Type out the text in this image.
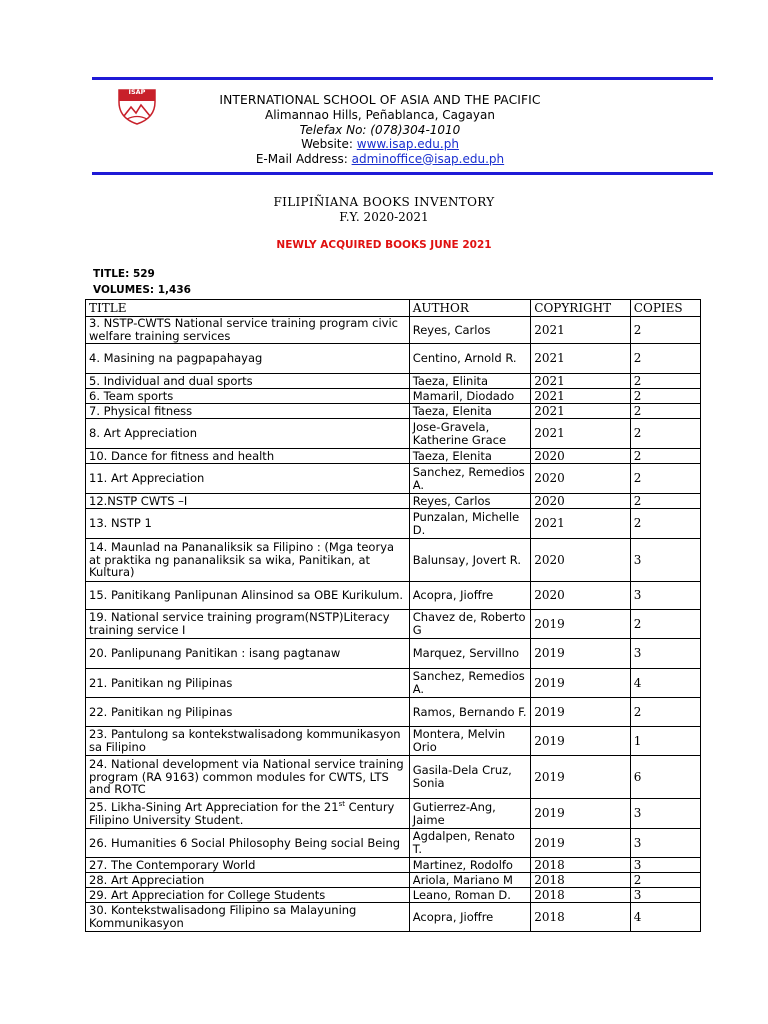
ISAP
INTERNATIONAL SCHOOL OF ASIA AND THE PACIFIC
Alimannao Hills, Peñablanca, Cagayan
Telefax No: (078)304-1010
Website: www.isap.edu.ph
E-Mail Address: adminoffice@isap.edu.ph
FILIPIÑIANA BOOKS INVENTORY
F.Y. 2020-2021
NEWLY ACQUIRED BOOKS JUNE 2021
TITLE: 529
VOLUMES: 1,436
TITLE	AUTHOR	COPYRIGHT	COPIES
3. NSTP-CWTS National service training program civic welfare training services	Reyes, Carlos	2021	2
4. Masining na pagpapahayag	Centino, Arnold R.	2021	2
5. Individual and dual sports	Taeza, Elinita	2021	2
6. Team sports	Mamaril, Diodado	2021	2
7. Physical fitness	Taeza, Elenita	2021	2
8. Art Appreciation	Jose-Gravela, Katherine Grace	2021	2
10. Dance for fitness and health	Taeza, Elenita	2020	2
11. Art Appreciation	Sanchez, Remedios A.	2020	2
12.NSTP CWTS –I	Reyes, Carlos	2020	2
13. NSTP 1	Punzalan, Michelle D.	2021	2
14. Maunlad na Pananaliksik sa Filipino : (Mga teorya at praktika ng pananaliksik sa wika, Panitikan, at Kultura)	Balunsay, Jovert R.	2020	3
15. Panitikang Panlipunan Alinsinod sa OBE Kurikulum.	Acopra, Jioffre	2020	3
19. National service training program(NSTP)Literacy training service I	Chavez de, Roberto G	2019	2
20. Panlipunang Panitikan : isang pagtanaw	Marquez, Servillno	2019	3
21. Panitikan ng Pilipinas	Sanchez, Remedios A.	2019	4
22. Panitikan ng Pilipinas	Ramos, Bernando F.	2019	2
23. Pantulong sa kontekstwalisadong kommunikasyon sa Filipino	Montera, Melvin Orio	2019	1
24. National development via National service training program (RA 9163) common modules for CWTS, LTS and ROTC	Gasila-Dela Cruz, Sonia	2019	6
25. Likha-Sining Art Appreciation for the 21st Century Filipino University Student.	Gutierrez-Ang, Jaime	2019	3
26. Humanities 6 Social Philosophy Being social Being	Agdalpen, Renato T.	2019	3
27. The Contemporary World	Martinez, Rodolfo	2018	3
28. Art Appreciation	Ariola, Mariano M	2018	2
29. Art Appreciation for College Students	Leano, Roman D.	2018	3
30. Kontekstwalisadong Filipino sa Malayuning Kommunikasyon	Acopra, Jioffre	2018	4
